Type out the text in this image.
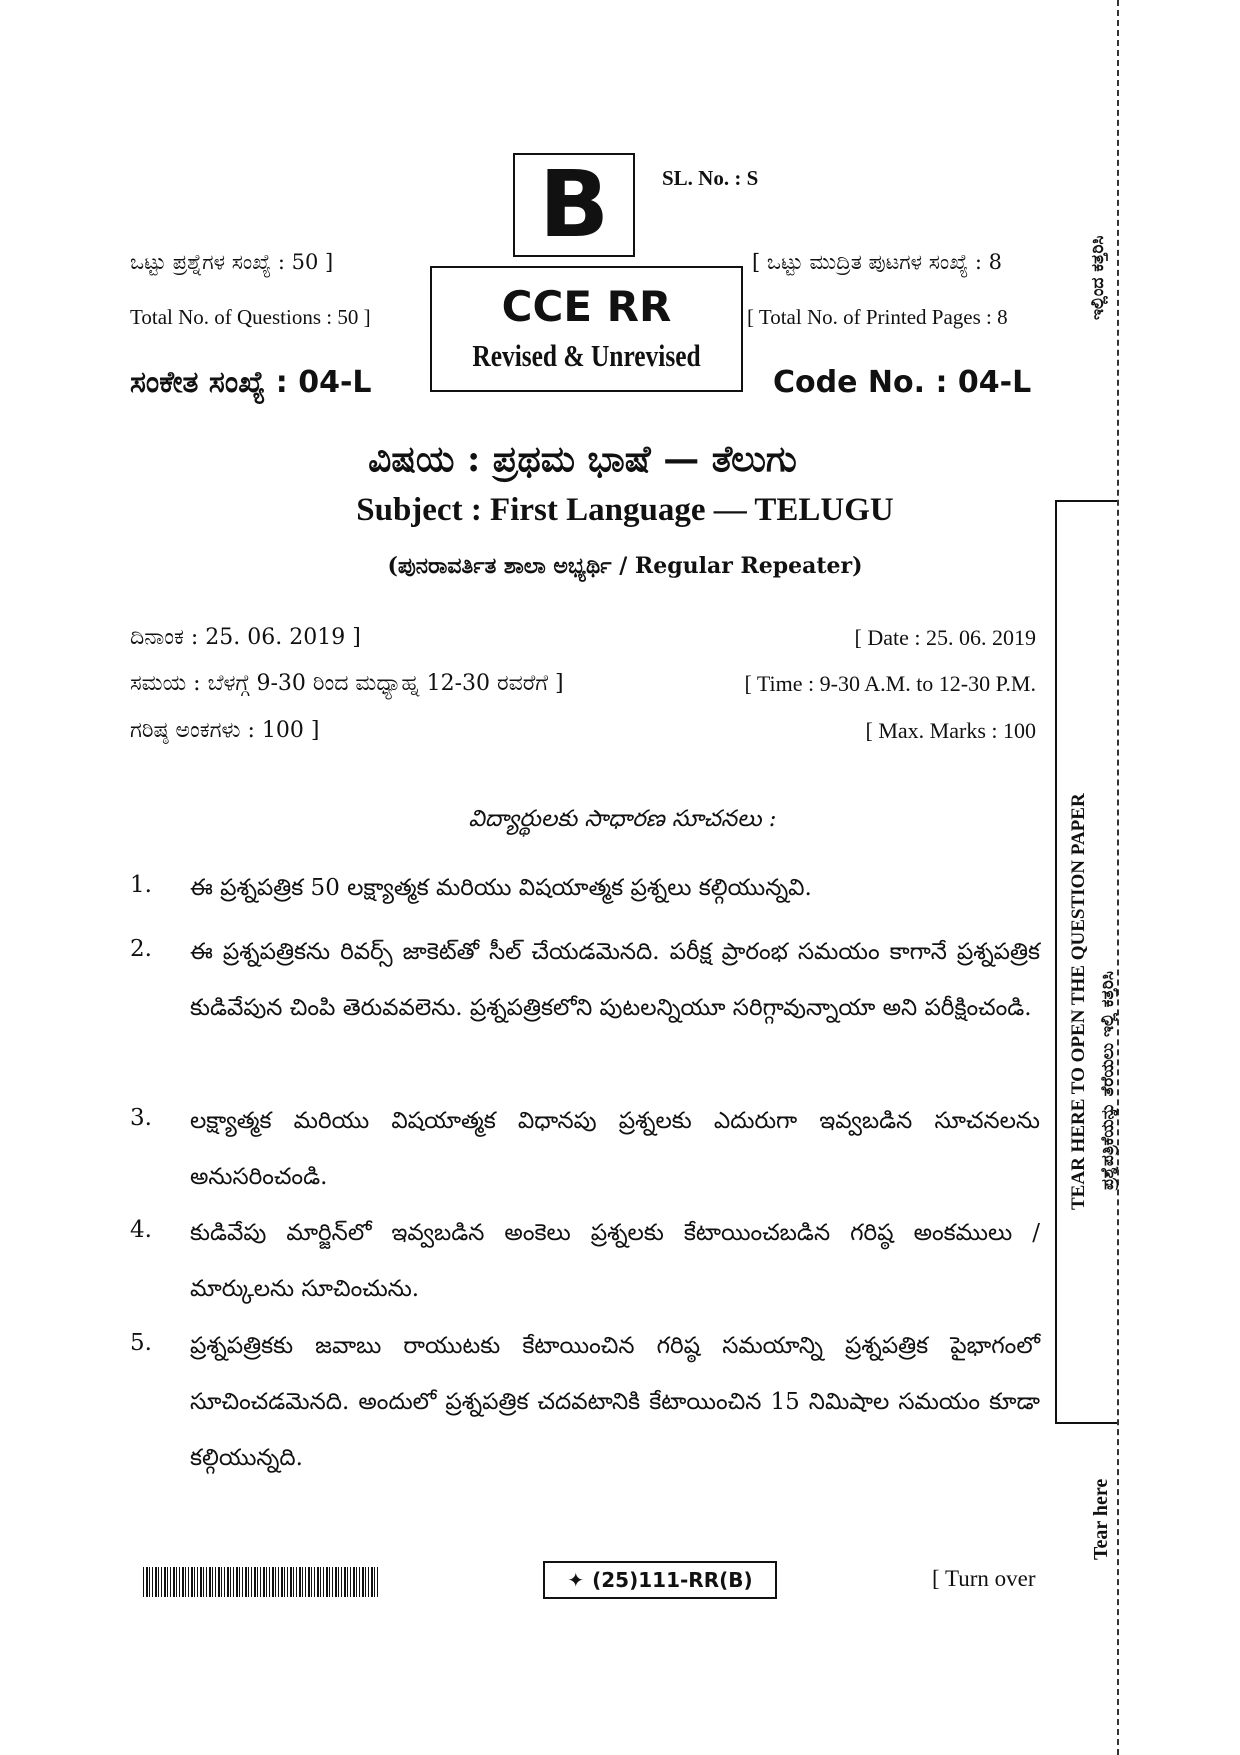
B	SL. No. : S
ಒಟ್ಟು ಪ್ರಶ್ನೆಗಳ ಸಂಖ್ಯೆ : 50 ]
Total No. of Questions : 50 ]	CCE RR
Revised & Unrevised
[ ಒಟ್ಟು ಮುದ್ರಿತ ಪುಟಗಳ ಸಂಖ್ಯೆ : 8
[ Total No. of Printed Pages : 8
ಸಂಕೇತ ಸಂಖ್ಯೆ : 04-L	Code No. : 04-L
ವಿಷಯ : ಪ್ರಥಮ ಭಾಷೆ — ತೆಲುಗು
Subject : First Language — TELUGU
(ಪುನರಾವರ್ತಿತ ಶಾಲಾ ಅಭ್ಯರ್ಥಿ / Regular Repeater)
ದಿನಾಂಕ : 25. 06. 2019 ]	[ Date : 25. 06. 2019
ಸಮಯ : ಬೆಳಗ್ಗೆ 9-30 ರಿಂದ ಮಧ್ಯಾಹ್ನ 12-30 ರವರೆಗೆ ]	[ Time : 9-30 A.M. to 12-30 P.M.
ಗರಿಷ್ಠ ಅಂಕಗಳು : 100 ]	[ Max. Marks : 100
విద్యార్థులకు సాధారణ సూచనలు :
1. ఈ ప్రశ్నపత్రిక 50 లక్ష్యాత్మక మరియు విషయాత్మక ప్రశ్నలు కల్గియున్నవి.
2. ఈ ప్రశ్నపత్రికను రివర్స్ జాకెట్‌తో సీల్ చేయడమెనది. పరీక్ష ప్రారంభ సమయం కాగానే ప్రశ్నపత్రిక కుడివేపున చింపి తెరువవలెను. ప్రశ్నపత్రికలోని పుటలన్నియూ సరిగ్గావున్నాయా అని పరీక్షించండి.
3. లక్ష్యాత్మక మరియు విషయాత్మక విధానపు ప్రశ్నలకు ఎదురుగా ఇవ్వబడిన సూచనలను అనుసరించండి.
4. కుడివేపు మార్జిన్‌లో ఇవ్వబడిన అంకెలు ప్రశ్నలకు కేటాయించబడిన గరిష్ఠ అంకములు / మార్కులను సూచించును.
5. ప్రశ్నపత్రికకు జవాబు రాయుటకు కేటాయించిన గరిష్ఠ సమయాన్ని ప్రశ్నపత్రిక పైభాగంలో సూచించడమెనది. అందులో ప్రశ్నపత్రిక చదవటానికి కేటాయించిన 15 నిమిషాల సమయం కూడా కల్గియున్నది.
TEAR HERE TO OPEN THE QUESTION PAPER ಪ್ರಶ್ನೆಪತ್ರಿಕೆಯನ್ನು ತೆರೆಯಲು ಇಲ್ಲಿ ಕತ್ತರಿಸಿ
ಇಲ್ಲಿಂದ ಕತ್ತರಿಸಿ
Tear here
✦ (25)111-RR(B)	[ Turn over
